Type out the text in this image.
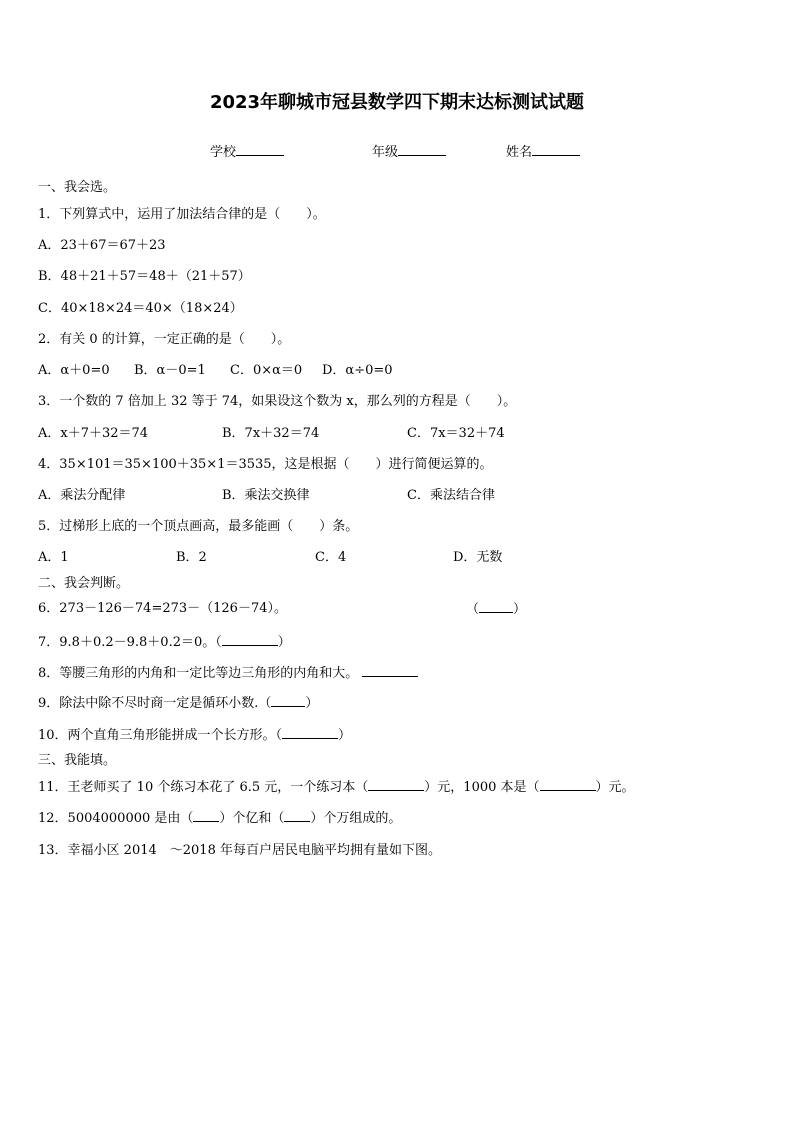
2023年聊城市冠县数学四下期末达标测试试题
学校	年级	姓名
一、我会选。
1．下列算式中，运用了加法结合律的是（　　）。
A．23＋67＝67＋23
B．48＋21＋57＝48＋（21＋57）
C．40×18×24＝40×（18×24）
2．有关 0 的计算，一定正确的是（　　）。
A．α＋0=0 B．α－0=1 C．0×α＝0 D．α÷0=0
3．一个数的 7 倍加上 32 等于 74，如果设这个数为 x，那么列的方程是（　　）。
A．x＋7＋32＝74	B．7x＋32＝74	C．7x＝32＋74
4．35×101＝35×100＋35×1＝3535，这是根据（　　）进行简便运算的。
A．乘法分配律	B．乘法交换律	C．乘法结合律
5．过梯形上底的一个顶点画高，最多能画（　　）条。
A．1	B．2	C．4	D．无数
二、我会判断。
6．273－126－74=273－（126－74）。	（	）
7．9.8＋0.2－9.8＋0.2＝0。（	）
8．等腰三角形的内角和一定比等边三角形的内角和大。
9．除法中除不尽时商一定是循环小数.（	）
10．两个直角三角形能拼成一个长方形。（	）
三、我能填。
11．王老师买了 10 个练习本花了 6.5 元，一个练习本（	）元，1000 本是（	）元。
12．5004000000 是由（ ）个亿和（ ）个万组成的。
13．幸福小区 2014　～2018 年每百户居民电脑平均拥有量如下图。
